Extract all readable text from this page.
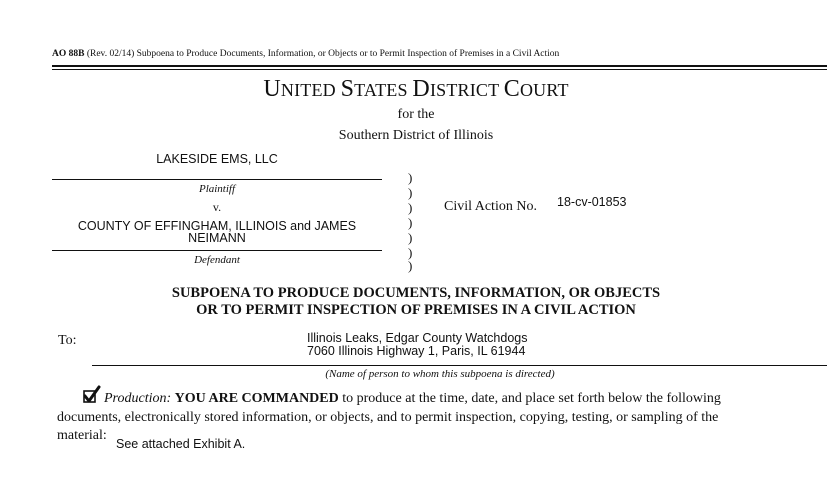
AO 88B (Rev. 02/14) Subpoena to Produce Documents, Information, or Objects or to Permit Inspection of Premises in a Civil Action
UNITED STATES DISTRICT COURT
for the
Southern District of Illinois
LAKESIDE EMS, LLC
Plaintiff
v.
COUNTY OF EFFINGHAM, ILLINOIS and JAMES NEIMANN
Defendant
)
)
)
)
)
)
)
Civil Action No. 18-cv-01853
SUBPOENA TO PRODUCE DOCUMENTS, INFORMATION, OR OBJECTS
OR TO PERMIT INSPECTION OF PREMISES IN A CIVIL ACTION
To:	Illinois Leaks, Edgar County Watchdogs
7060 Illinois Highway 1, Paris, IL 61944
(Name of person to whom this subpoena is directed)
Production: YOU ARE COMMANDED to produce at the time, date, and place set forth below the following documents, electronically stored information, or objects, and to permit inspection, copying, testing, or sampling of the
material:
See attached Exhibit A.
